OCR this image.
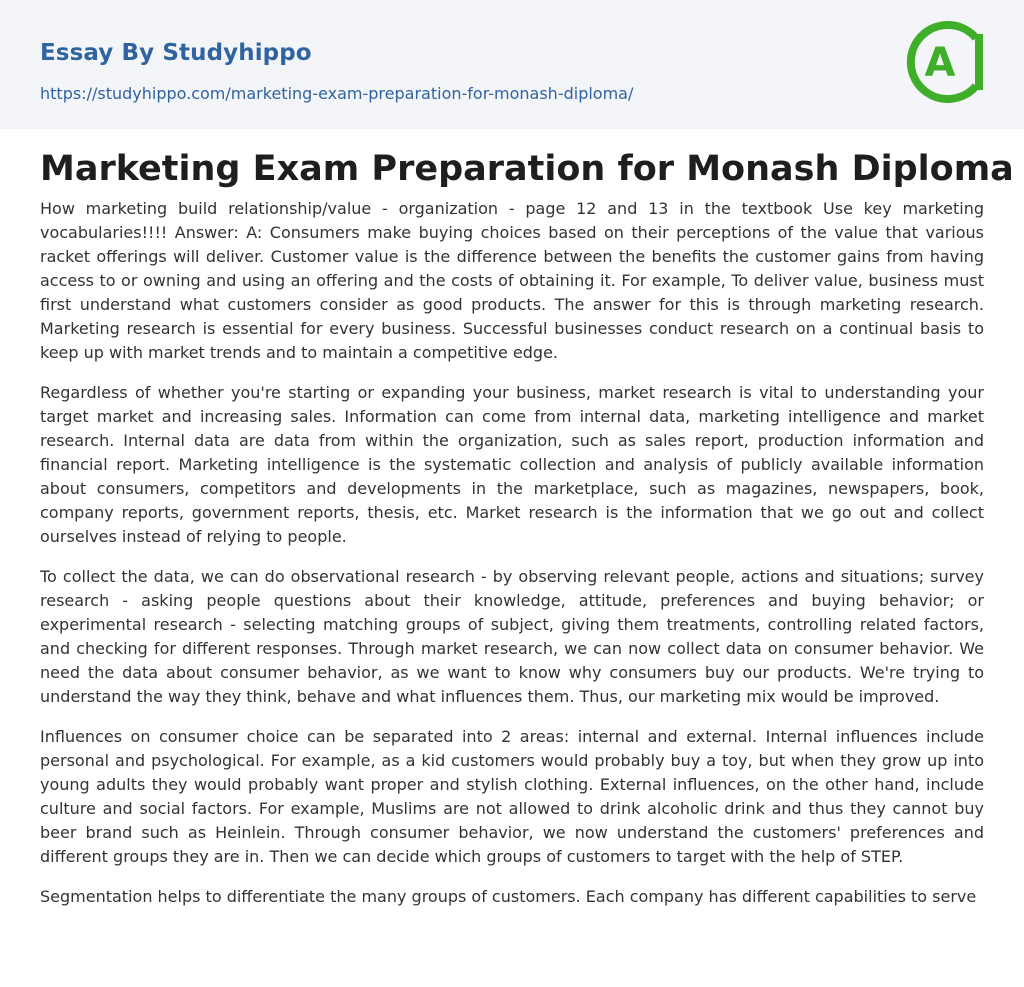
Essay By Studyhippo
https://studyhippo.com/marketing-exam-preparation-for-monash-diploma/
A
Marketing Exam Preparation for Monash Diploma

How marketing build relationship/value - organization - page 12 and 13 in the textbook Use key marketing vocabularies!!!! Answer: A: Consumers make buying choices based on their perceptions of the value that various racket offerings will deliver. Customer value is the difference between the benefits the customer gains from having access to or owning and using an offering and the costs of obtaining it. For example, To deliver value, business must first understand what customers consider as good products. The answer for this is through marketing research. Marketing research is essential for every business. Successful businesses conduct research on a continual basis to keep up with market trends and to maintain a competitive edge.

Regardless of whether you're starting or expanding your business, market research is vital to understanding your target market and increasing sales. Information can come from internal data, marketing intelligence and market research. Internal data are data from within the organization, such as sales report, production information and financial report. Marketing intelligence is the systematic collection and analysis of publicly available information about consumers, competitors and developments in the marketplace, such as magazines, newspapers, book, company reports, government reports, thesis, etc. Market research is the information that we go out and collect ourselves instead of relying to people.

To collect the data, we can do observational research - by observing relevant people, actions and situations; survey research - asking people questions about their knowledge, attitude, preferences and buying behavior; or experimental research - selecting matching groups of subject, giving them treatments, controlling related factors, and checking for different responses. Through market research, we can now collect data on consumer behavior. We need the data about consumer behavior, as we want to know why consumers buy our products. We're trying to understand the way they think, behave and what influences them. Thus, our marketing mix would be improved.

Influences on consumer choice can be separated into 2 areas: internal and external. Internal influences include personal and psychological. For example, as a kid customers would probably buy a toy, but when they grow up into young adults they would probably want proper and stylish clothing. External influences, on the other hand, include culture and social factors. For example, Muslims are not allowed to drink alcoholic drink and thus they cannot buy beer brand such as Heinlein. Through consumer behavior, we now understand the customers' preferences and different groups they are in. Then we can decide which groups of customers to target with the help of STEP.

Segmentation helps to differentiate the many groups of customers. Each company has different capabilities to serve
